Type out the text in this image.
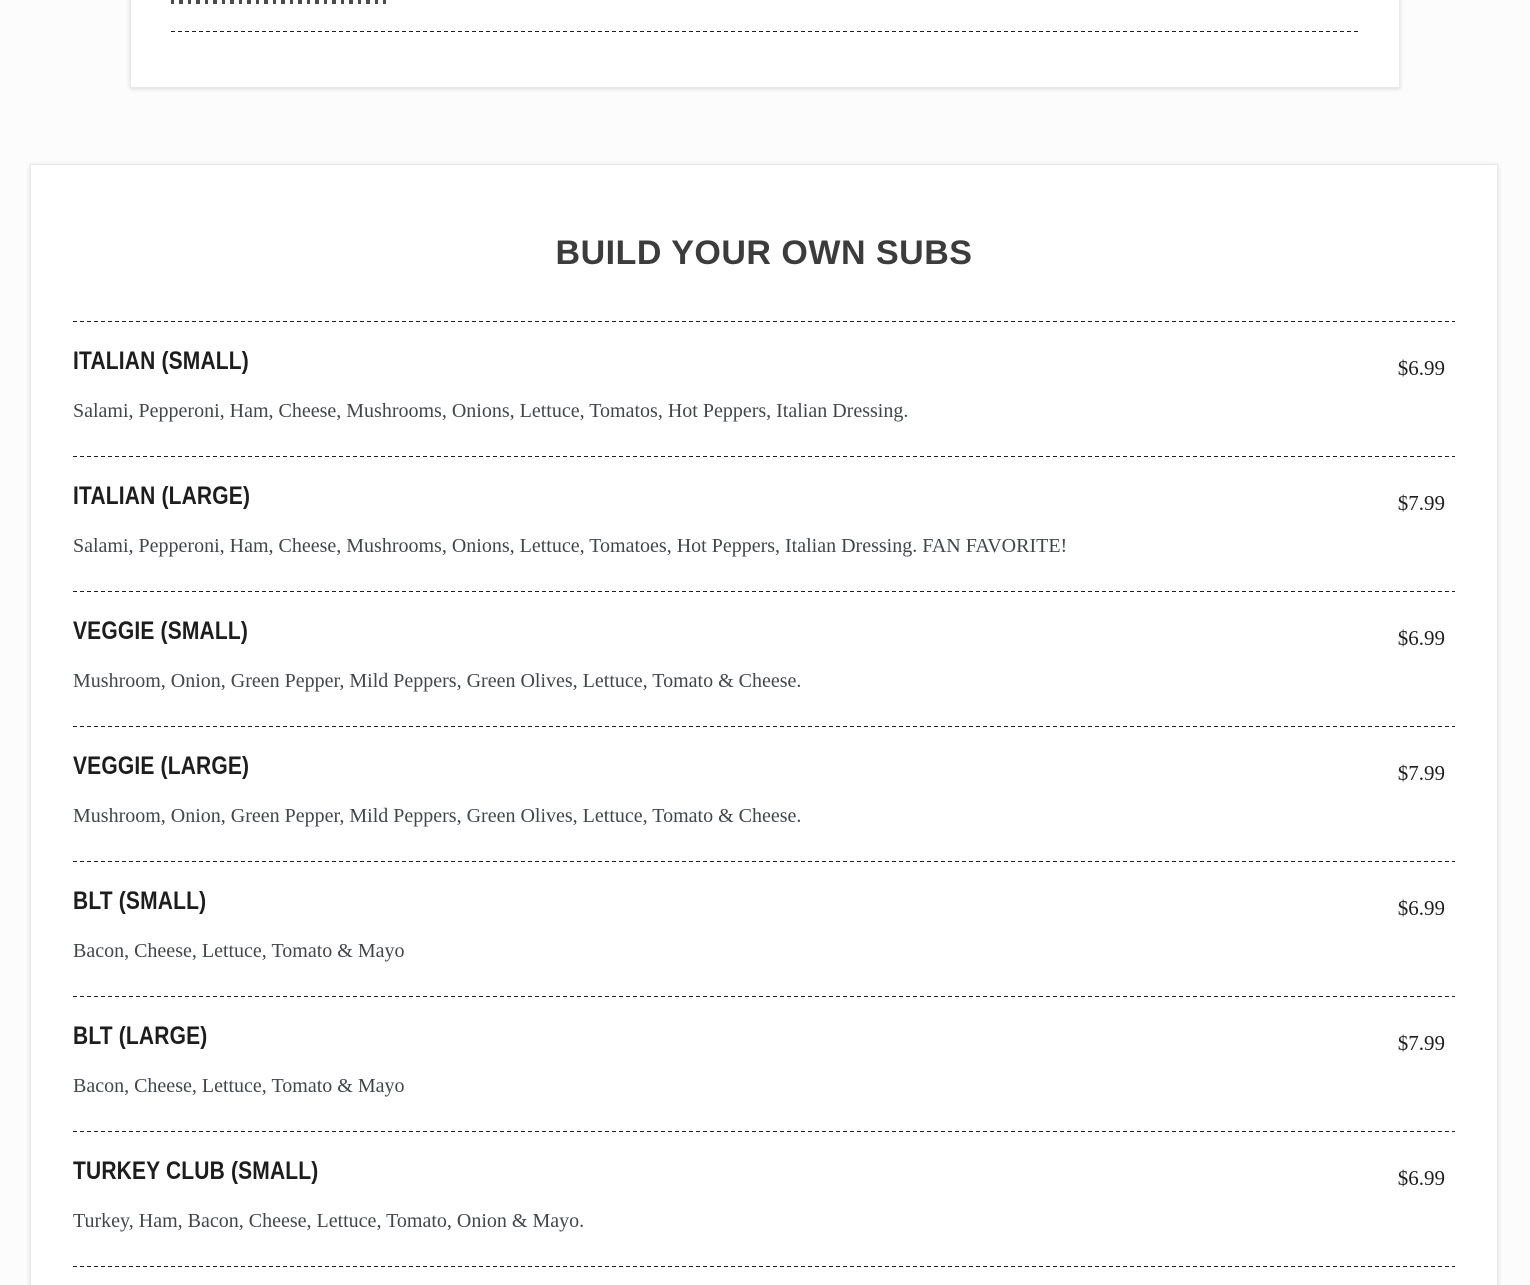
BUILD YOUR OWN SUBS
ITALIAN (SMALL)	$6.99
Salami, Pepperoni, Ham, Cheese, Mushrooms, Onions, Lettuce, Tomatos, Hot Peppers, Italian Dressing.
ITALIAN (LARGE)	$7.99
Salami, Pepperoni, Ham, Cheese, Mushrooms, Onions, Lettuce, Tomatoes, Hot Peppers, Italian Dressing. FAN FAVORITE!
VEGGIE (SMALL)	$6.99
Mushroom, Onion, Green Pepper, Mild Peppers, Green Olives, Lettuce, Tomato & Cheese.
VEGGIE (LARGE)	$7.99
Mushroom, Onion, Green Pepper, Mild Peppers, Green Olives, Lettuce, Tomato & Cheese.
BLT (SMALL)	$6.99
Bacon, Cheese, Lettuce, Tomato & Mayo
BLT (LARGE)	$7.99
Bacon, Cheese, Lettuce, Tomato & Mayo
TURKEY CLUB (SMALL)	$6.99
Turkey, Ham, Bacon, Cheese, Lettuce, Tomato, Onion & Mayo.
